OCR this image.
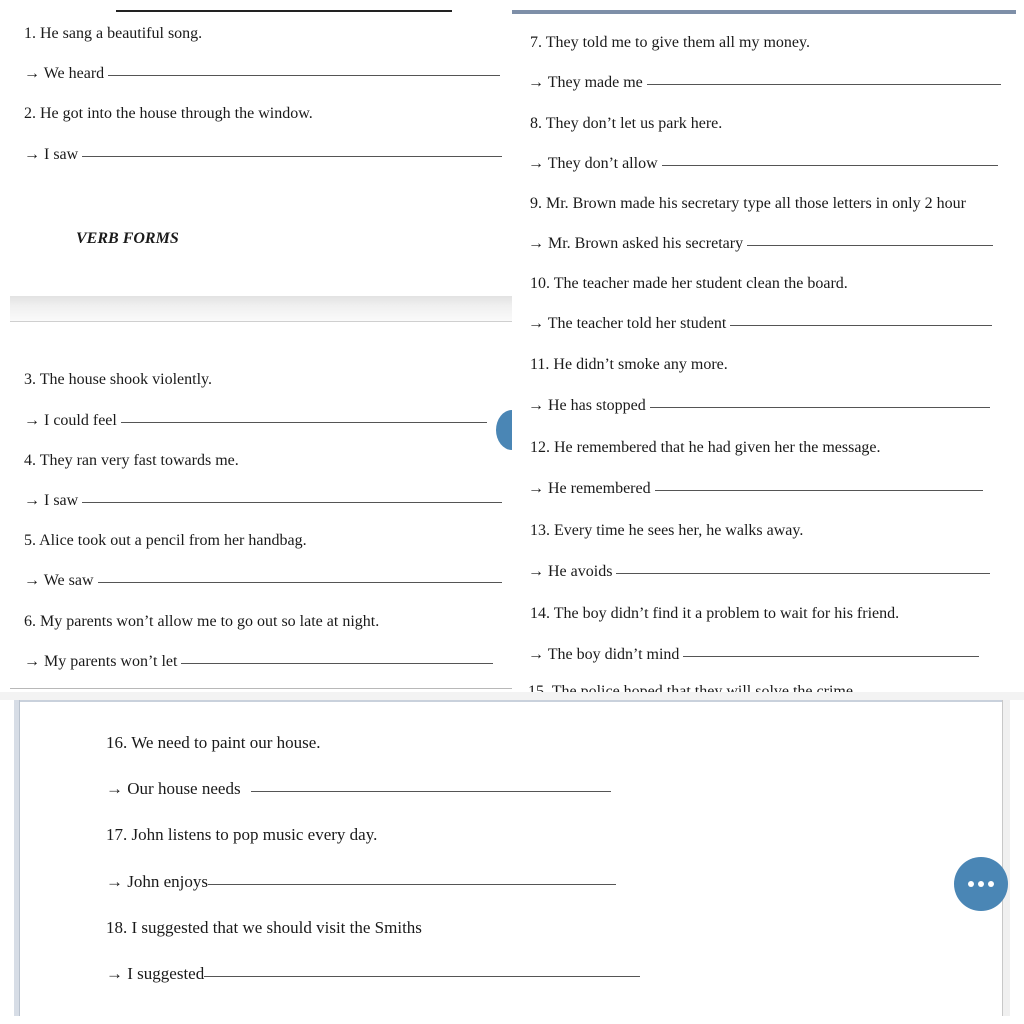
1. He sang a beautiful song.
→ We heard
2. He got into the house through the window.
→ I saw
VERB FORMS
3. The house shook violently.
→ I could feel
4. They ran very fast towards me.
→ I saw
5. Alice took out a pencil from her handbag.
→ We saw
6. My parents won’t allow me to go out so late at night.
→ My parents won’t let
7. They told me to give them all my money.
→ They made me
8. They don’t let us park here.
→ They don’t allow
9. Mr. Brown made his secretary type all those letters in only 2 hour
→ Mr. Brown asked his secretary
10. The teacher made her student clean the board.
→ The teacher told her student
11. He didn’t smoke any more.
→ He has stopped
12. He remembered that he had given her the message.
→ He remembered
13. Every time he sees her, he walks away.
→ He avoids
14. The boy didn’t find it a problem to wait for his friend.
→ The boy didn’t mind
16. We need to paint our house.
→ Our house needs
17. John listens to pop music every day.
→ John enjoys
18. I suggested that we should visit the Smiths
→ I suggested
